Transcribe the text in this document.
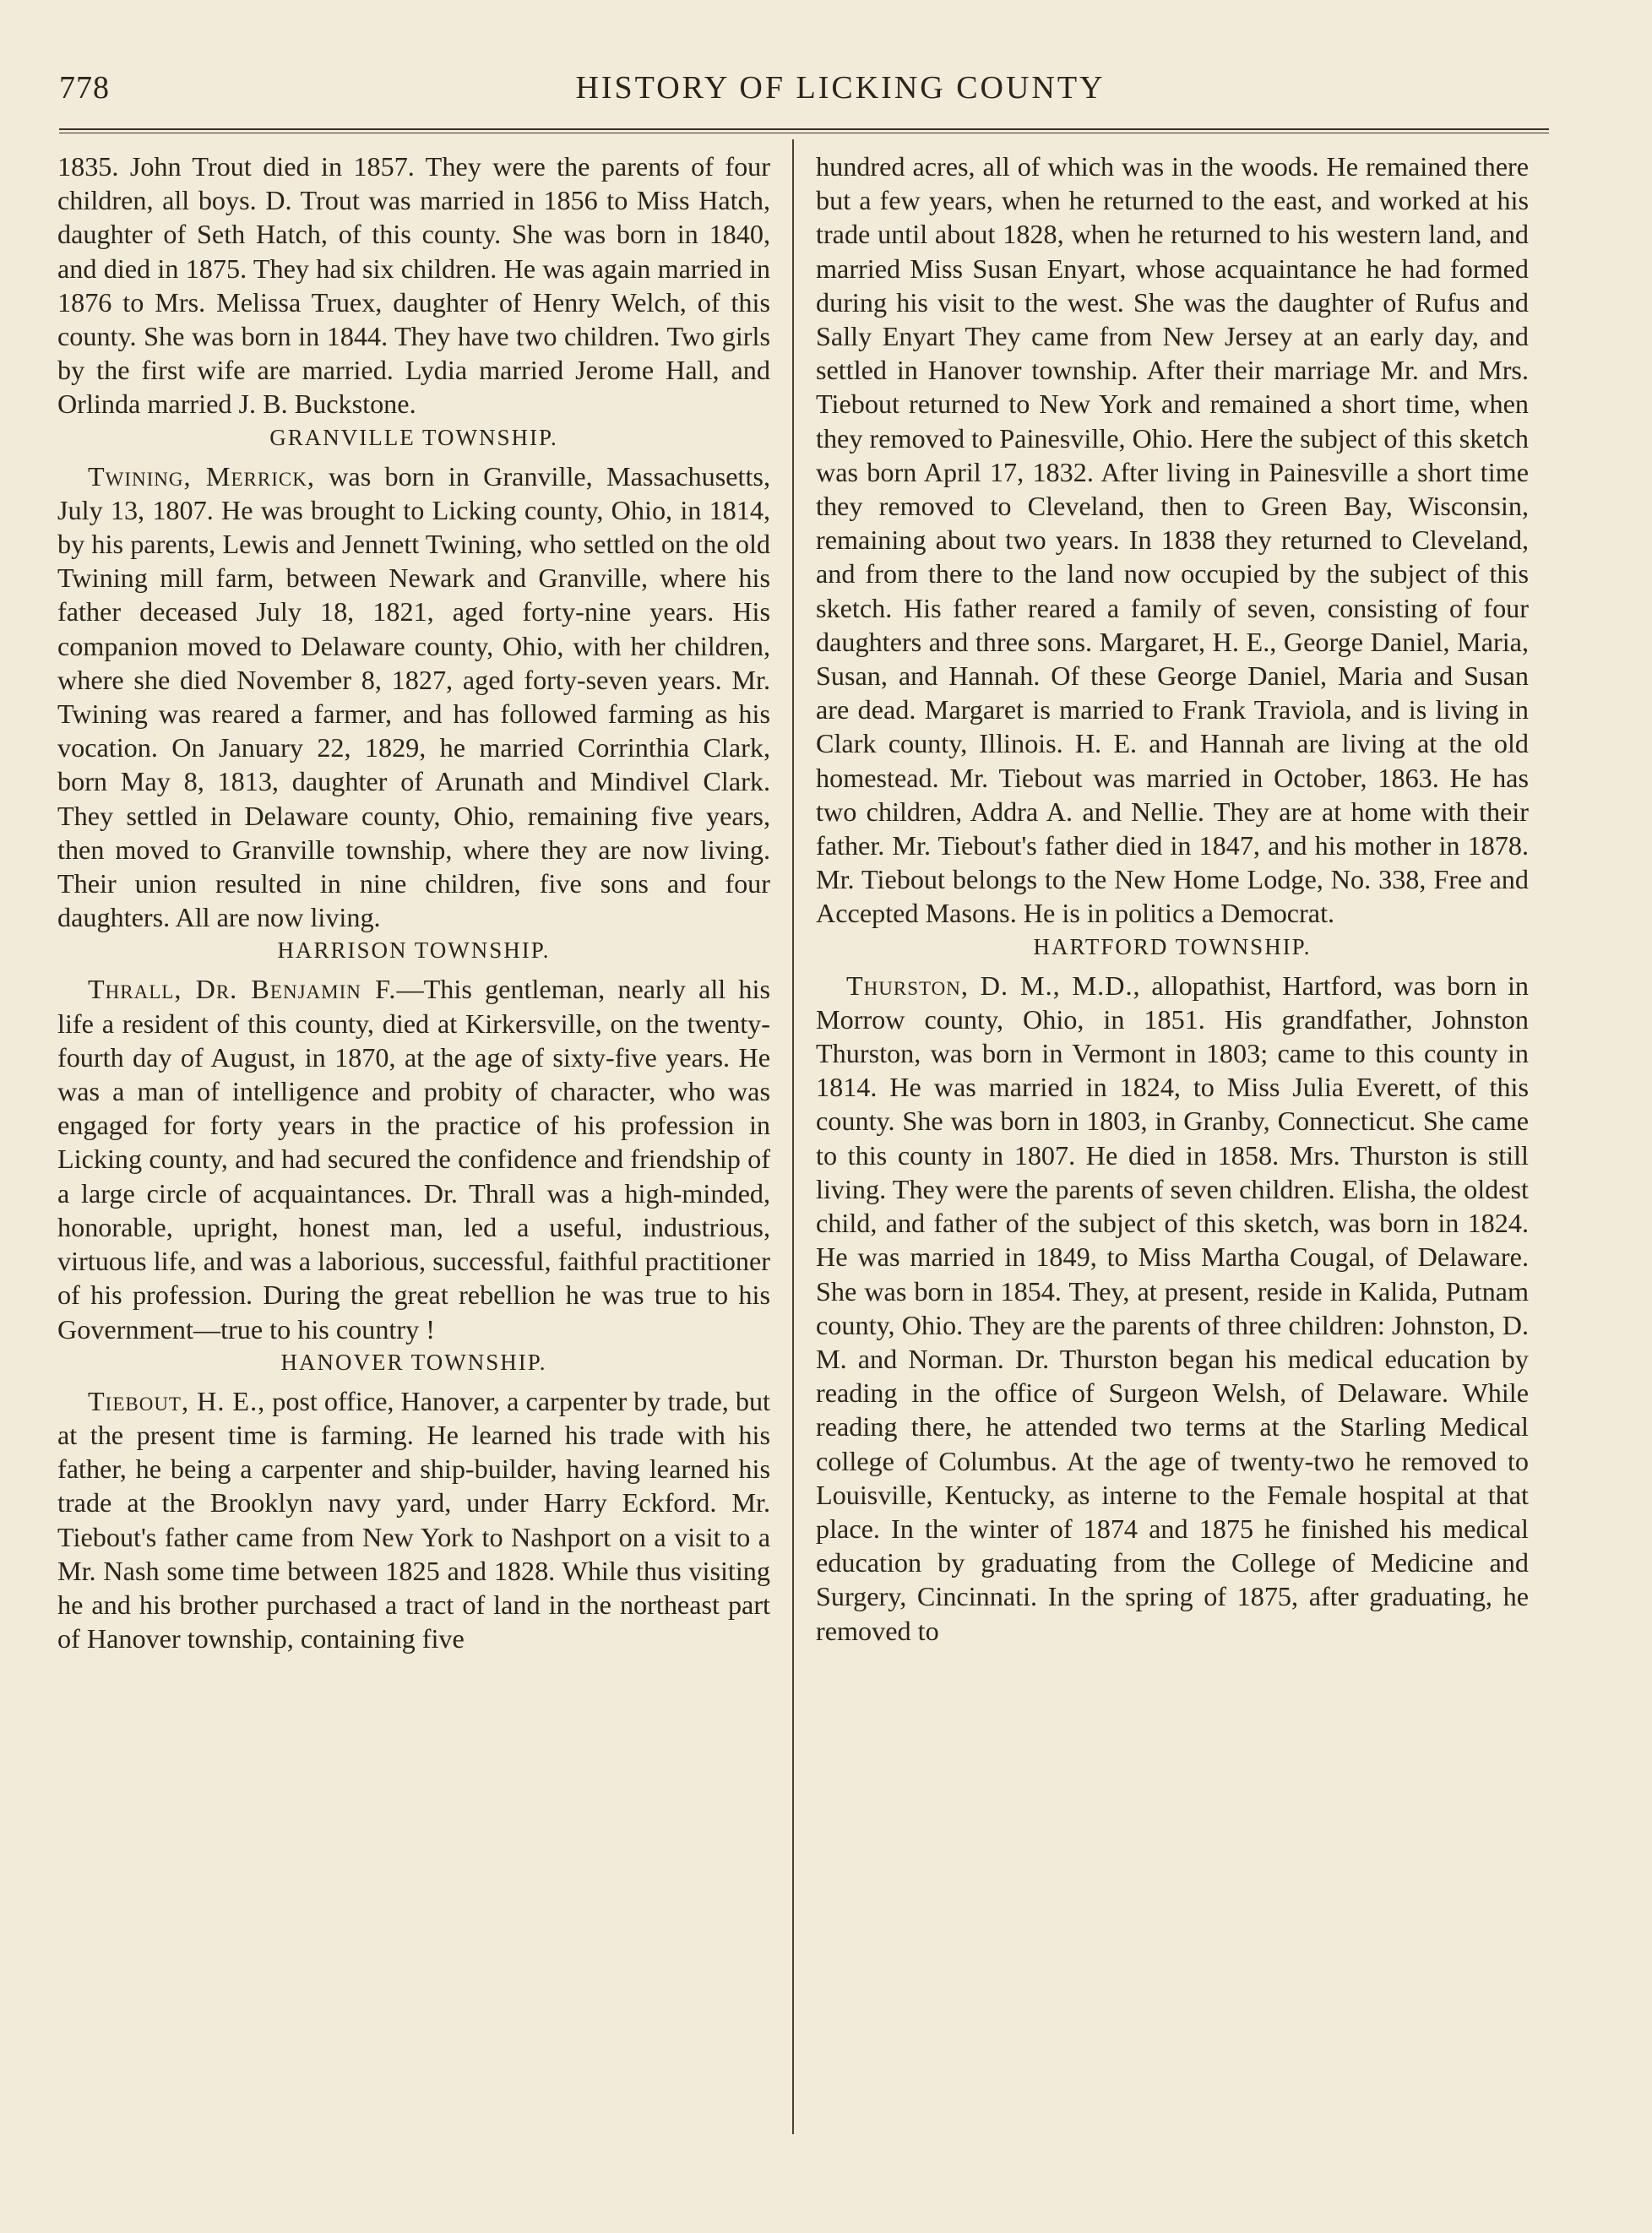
778	HISTORY OF LICKING COUNTY

1835. John Trout died in 1857. They were the parents of four children, all boys. D. Trout was married in 1856 to Miss Hatch, daughter of Seth Hatch, of this county. She was born in 1840, and died in 1875. They had six children. He was again married in 1876 to Mrs. Melissa Truex, daughter of Henry Welch, of this county. She was born in 1844. They have two children. Two girls by the first wife are married. Lydia married Jerome Hall, and Orlinda married J. B. Buckstone.

GRANVILLE TOWNSHIP.

Twining, Merrick, was born in Granville, Massachusetts, July 13, 1807. He was brought to Licking county, Ohio, in 1814, by his parents, Lewis and Jennett Twining, who settled on the old Twining mill farm, between Newark and Granville, where his father deceased July 18, 1821, aged forty-nine years. His companion moved to Delaware county, Ohio, with her children, where she died November 8, 1827, aged forty-seven years. Mr. Twining was reared a farmer, and has followed farming as his vocation. On January 22, 1829, he married Corrinthia Clark, born May 8, 1813, daughter of Arunath and Mindivel Clark. They settled in Delaware county, Ohio, remaining five years, then moved to Granville township, where they are now living. Their union resulted in nine children, five sons and four daughters. All are now living.

HARRISON TOWNSHIP.

Thrall, Dr. Benjamin F.—This gentleman, nearly all his life a resident of this county, died at Kirkersville, on the twenty-fourth day of August, in 1870, at the age of sixty-five years. He was a man of intelligence and probity of character, who was engaged for forty years in the practice of his profession in Licking county, and had secured the confidence and friendship of a large circle of acquaintances. Dr. Thrall was a high-minded, honorable, upright, honest man, led a useful, industrious, virtuous life, and was a laborious, successful, faithful practitioner of his profession. During the great rebellion he was true to his Government—true to his country !

HANOVER TOWNSHIP.

Tiebout, H. E., post office, Hanover, a carpenter by trade, but at the present time is farming. He learned his trade with his father, he being a carpenter and ship-builder, having learned his trade at the Brooklyn navy yard, under Harry Eckford. Mr. Tiebout's father came from New York to Nashport on a visit to a Mr. Nash some time between 1825 and 1828. While thus visiting he and his brother purchased a tract of land in the northeast part of Hanover township, containing five

hundred acres, all of which was in the woods. He remained there but a few years, when he returned to the east, and worked at his trade until about 1828, when he returned to his western land, and married Miss Susan Enyart, whose acquaintance he had formed during his visit to the west. She was the daughter of Rufus and Sally Enyart They came from New Jersey at an early day, and settled in Hanover township. After their marriage Mr. and Mrs. Tiebout returned to New York and remained a short time, when they removed to Painesville, Ohio. Here the subject of this sketch was born April 17, 1832. After living in Painesville a short time they removed to Cleveland, then to Green Bay, Wisconsin, remaining about two years. In 1838 they returned to Cleveland, and from there to the land now occupied by the subject of this sketch. His father reared a family of seven, consisting of four daughters and three sons. Margaret, H. E., George Daniel, Maria, Susan, and Hannah. Of these George Daniel, Maria and Susan are dead. Margaret is married to Frank Traviola, and is living in Clark county, Illinois. H. E. and Hannah are living at the old homestead. Mr. Tiebout was married in October, 1863. He has two children, Addra A. and Nellie. They are at home with their father. Mr. Tiebout's father died in 1847, and his mother in 1878. Mr. Tiebout belongs to the New Home Lodge, No. 338, Free and Accepted Masons. He is in politics a Democrat.

HARTFORD TOWNSHIP.

Thurston, D. M., M.D., allopathist, Hartford, was born in Morrow county, Ohio, in 1851. His grandfather, Johnston Thurston, was born in Vermont in 1803; came to this county in 1814. He was married in 1824, to Miss Julia Everett, of this county. She was born in 1803, in Granby, Connecticut. She came to this county in 1807. He died in 1858. Mrs. Thurston is still living. They were the parents of seven children. Elisha, the oldest child, and father of the subject of this sketch, was born in 1824. He was married in 1849, to Miss Martha Cougal, of Delaware. She was born in 1854. They, at present, reside in Kalida, Putnam county, Ohio. They are the parents of three children: Johnston, D. M. and Norman. Dr. Thurston began his medical education by reading in the office of Surgeon Welsh, of Delaware. While reading there, he attended two terms at the Starling Medical college of Columbus. At the age of twenty-two he removed to Louisville, Kentucky, as interne to the Female hospital at that place. In the winter of 1874 and 1875 he finished his medical education by graduating from the College of Medicine and Surgery, Cincinnati. In the spring of 1875, after graduating, he removed to
